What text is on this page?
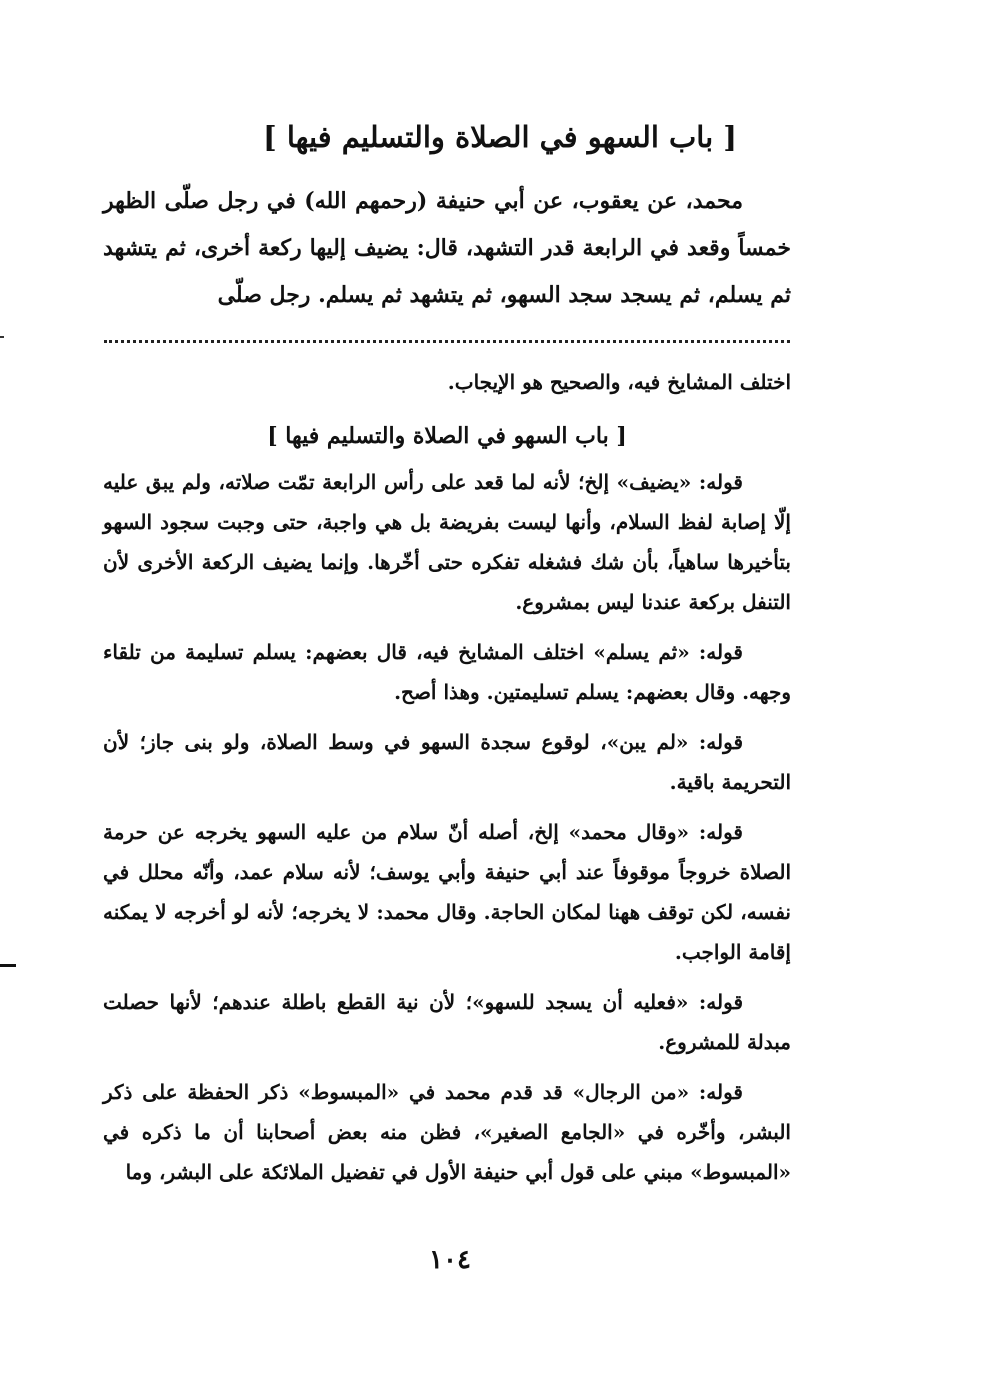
[ باب السهو في الصلاة والتسليم فيها ]

محمد، عن يعقوب، عن أبي حنيفة (رحمهم الله) في رجل صلّى الظهر خمساً وقعد في الرابعة قدر التشهد، قال: يضيف إليها ركعة أخرى، ثم يتشهد ثم يسلم، ثم يسجد سجد السهو، ثم يتشهد ثم يسلم. رجل صلّى

اختلف المشايخ فيه، والصحيح هو الإيجاب.

[ باب السهو في الصلاة والتسليم فيها ]

قوله: «يضيف» إلخ؛ لأنه لما قعد على رأس الرابعة تمّت صلاته، ولم يبق عليه إلّا إصابة لفظ السلام، وأنها ليست بفريضة بل هي واجبة، حتى وجبت سجود السهو بتأخيرها ساهياً، بأن شك فشغله تفكره حتى أخّرها. وإنما يضيف الركعة الأخرى لأن التنفل بركعة عندنا ليس بمشروع.

قوله: «ثم يسلم» اختلف المشايخ فيه، قال بعضهم: يسلم تسليمة من تلقاء وجهه. وقال بعضهم: يسلم تسليمتين. وهذا أصح.

قوله: «لم يبن»، لوقوع سجدة السهو في وسط الصلاة، ولو بنى جاز؛ لأن التحريمة باقية.

قوله: «وقال محمد» إلخ، أصله أنّ سلام من عليه السهو يخرجه عن حرمة الصلاة خروجاً موقوفاً عند أبي حنيفة وأبي يوسف؛ لأنه سلام عمد، وأنّه محلل في نفسه، لكن توقف ههنا لمكان الحاجة. وقال محمد: لا يخرجه؛ لأنه لو أخرجه لا يمكنه إقامة الواجب.

قوله: «فعليه أن يسجد للسهو»؛ لأن نية القطع باطلة عندهم؛ لأنها حصلت مبدلة للمشروع.

قوله: «من الرجال» قد قدم محمد في «المبسوط» ذكر الحفظة على ذكر البشر، وأخّره في «الجامع الصغير»، فظن منه بعض أصحابنا أن ما ذكره في «المبسوط» مبني على قول أبي حنيفة الأول في تفضيل الملائكة على البشر، وما

١٠٤
